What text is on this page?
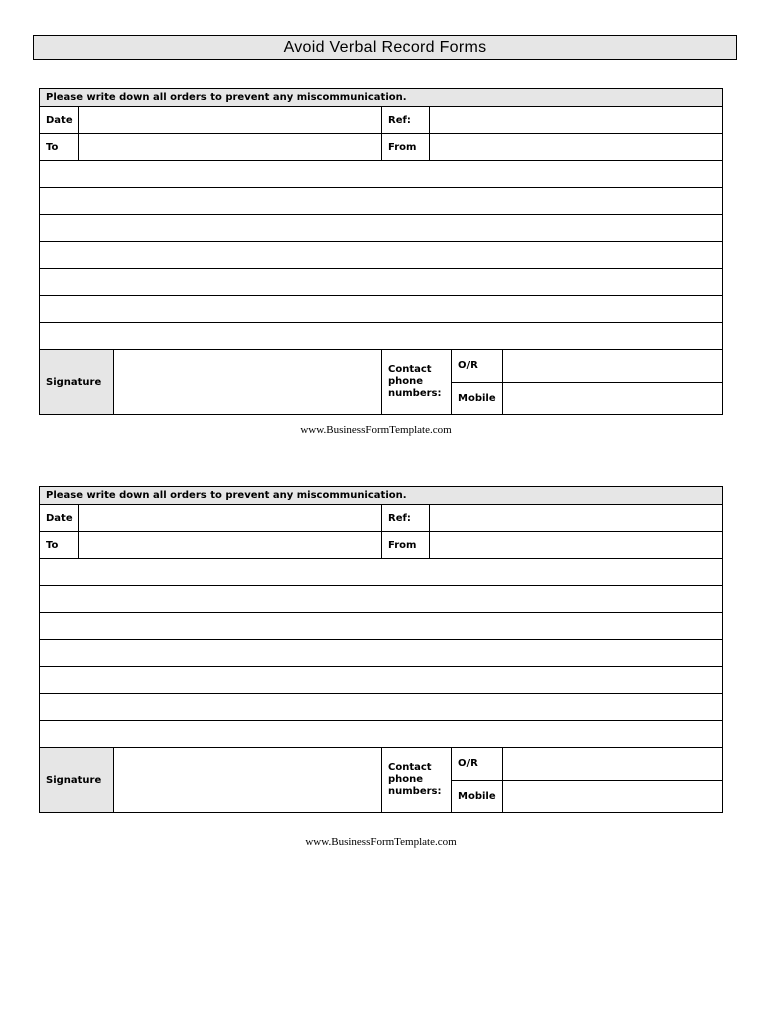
Avoid Verbal Record Forms
Please write down all orders to prevent any miscommunication.
Date	Ref:
To	From
Signature
Contact
phone
numbers:
O/R
Mobile
www.BusinessFormTemplate.com
Please write down all orders to prevent any miscommunication.
Date	Ref:
To	From
Signature
Contact
phone
numbers:
O/R
Mobile
www.BusinessFormTemplate.com
